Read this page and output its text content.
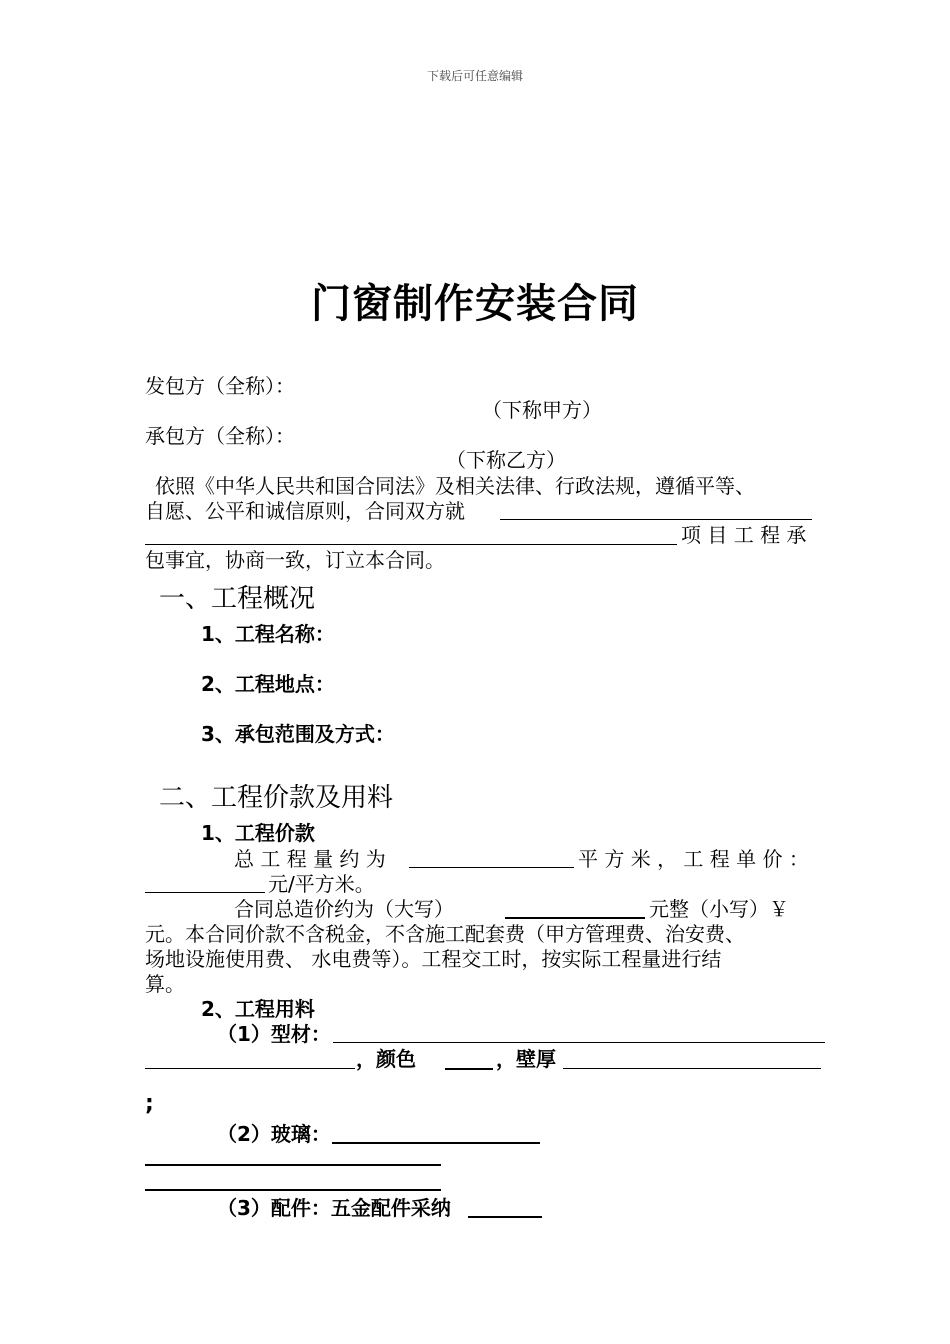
下载后可任意编辑
门窗制作安装合同
发包方（全称）：
（下称甲方）
承包方（全称）：
（下称乙方）
依照《中华人民共和国合同法》及相关法律、行政法规，遵循平等、
自愿、公平和诚信原则，合同双方就
项 目 工 程 承
包事宜，协商一致，订立本合同。
一、工程概况
1、工程名称：
2、工程地点：
3、承包范围及方式：
二、工程价款及用料
1、工程价款
总 工 程 量 约 为	平 方 米 ， 工 程 单 价 ：
元/平方米。
合同总造价约为（大写）	元整（小写）￥
元。本合同价款不含税金，不含施工配套费（甲方管理费、治安费、
场地设施使用费、 水电费等）。工程交工时，按实际工程量进行结
算。
2、工程用料
（1）型材：
，颜色	，壁厚
;
（2）玻璃：
（3）配件：五金配件采纳
